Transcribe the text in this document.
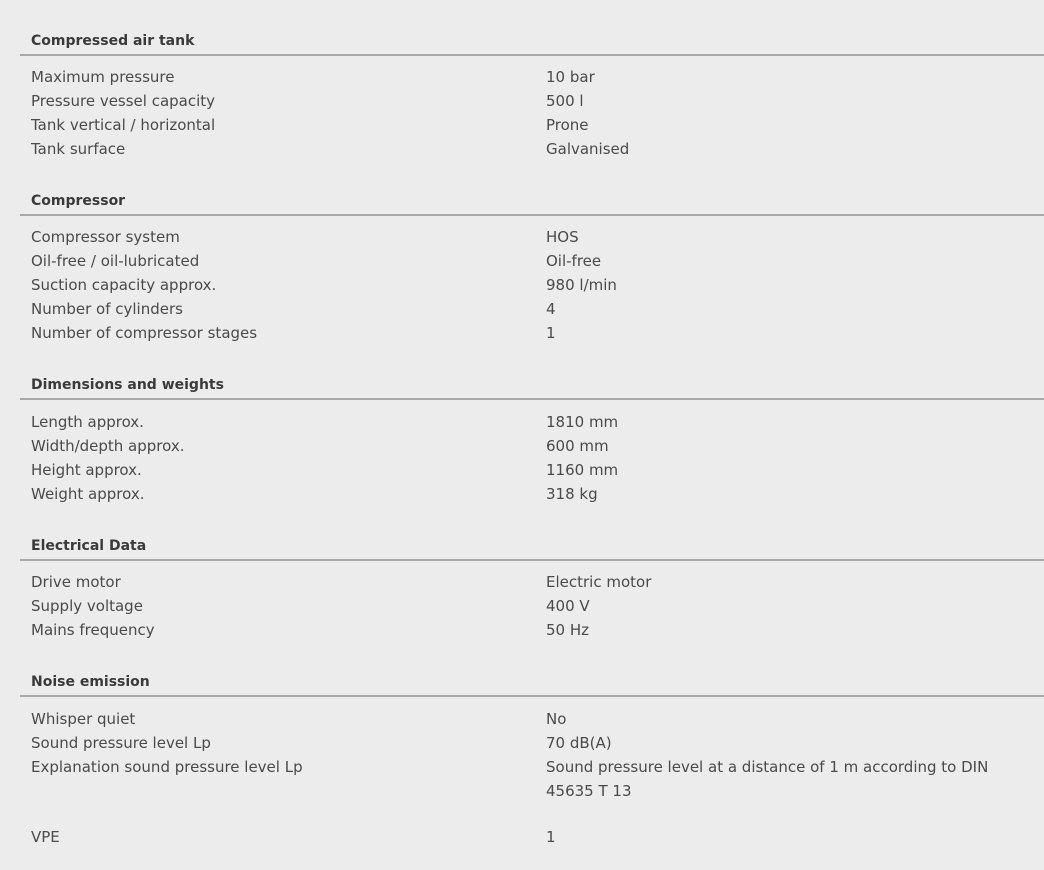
Compressed air tank
Maximum pressure	10 bar
Pressure vessel capacity	500 l
Tank vertical / horizontal	Prone
Tank surface	Galvanised
Compressor
Compressor system	HOS
Oil-free / oil-lubricated	Oil-free
Suction capacity approx.	980 l/min
Number of cylinders	4
Number of compressor stages	1
Dimensions and weights
Length approx.	1810 mm
Width/depth approx.	600 mm
Height approx.	1160 mm
Weight approx.	318 kg
Electrical Data
Drive motor	Electric motor
Supply voltage	400 V
Mains frequency	50 Hz
Noise emission
Whisper quiet	No
Sound pressure level Lp	70 dB(A)
Explanation sound pressure level Lp	Sound pressure level at a distance of 1 m according to DIN 45635 T 13
VPE	1
